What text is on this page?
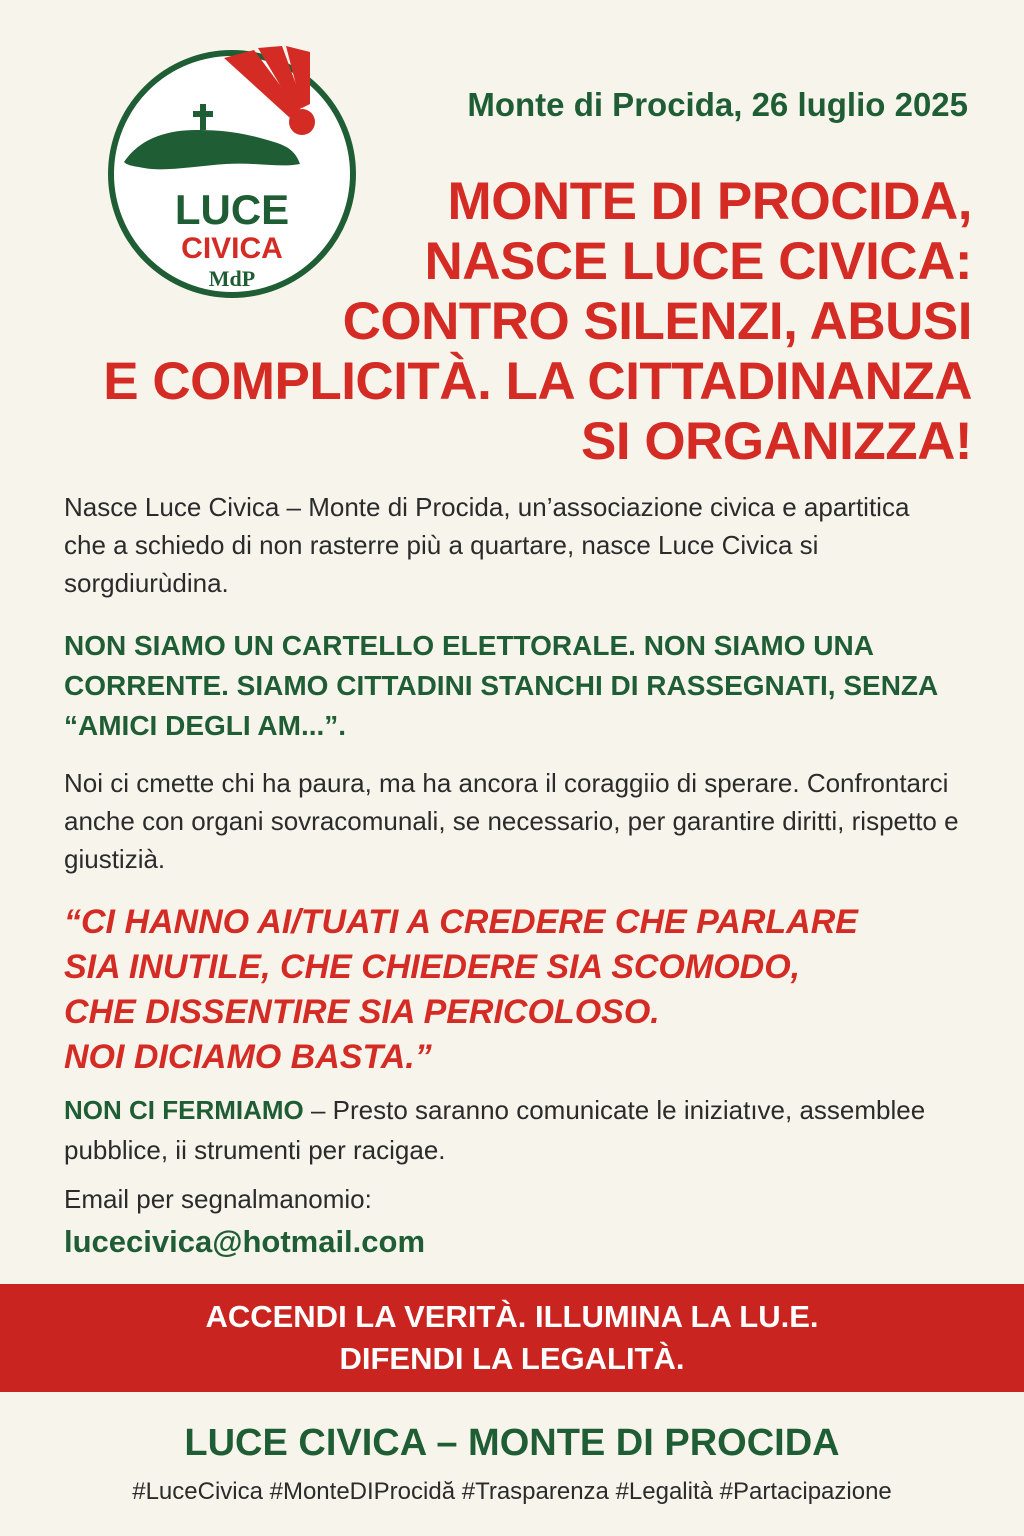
LUCE
CIVICA
MdP
Monte di Procida, 26 luglio 2025
MONTE DI PROCIDA,
NASCE LUCE CIVICA:
CONTRO SILENZI, ABUSI
E COMPLICITÀ. LA CITTADINANZA
SI ORGANIZZA!
Nasce Luce Civica – Monte di Procida, un’associazione civica e apartitica che a schiedo di non rasterre più a quartare, nasce Luce Civica si sorgdiurùdina.
NON SIAMO UN CARTELLO ELETTORALE. NON SIAMO UNA CORRENTE. SIAMO CITTADINI STANCHI DI RASSEGNATI, SENZA “AMICI DEGLI AM...”.
Noi ci cmette chi ha paura, ma ha ancora il coraggiio di sperare. Confrontarci anche con organi sovracomunali, se necessario, per garantire diritti, rispetto e giustizià.
“CI HANNO AI/TUATI A CREDERE CHE PARLARE
SIA INUTILE, CHE CHIEDERE SIA SCOMODO,
CHE DISSENTIRE SIA PERICOLOSO.
NOI DICIAMO BASTA.”
NON CI FERMIAMO – Presto saranno comunicate le iniziatıve, assemblee pubblice, ii strumenti per racigae.
Email per segnalmanomio:
lucecivica@hotmail.com
ACCENDI LA VERITÀ. ILLUMINA LA LU.E.
DIFENDI LA LEGALITÀ.
LUCE CIVICA – MONTE DI PROCIDA
#LuceCivica #MonteDIProcidă #Trasparenza #Legalità #Partacipazione
